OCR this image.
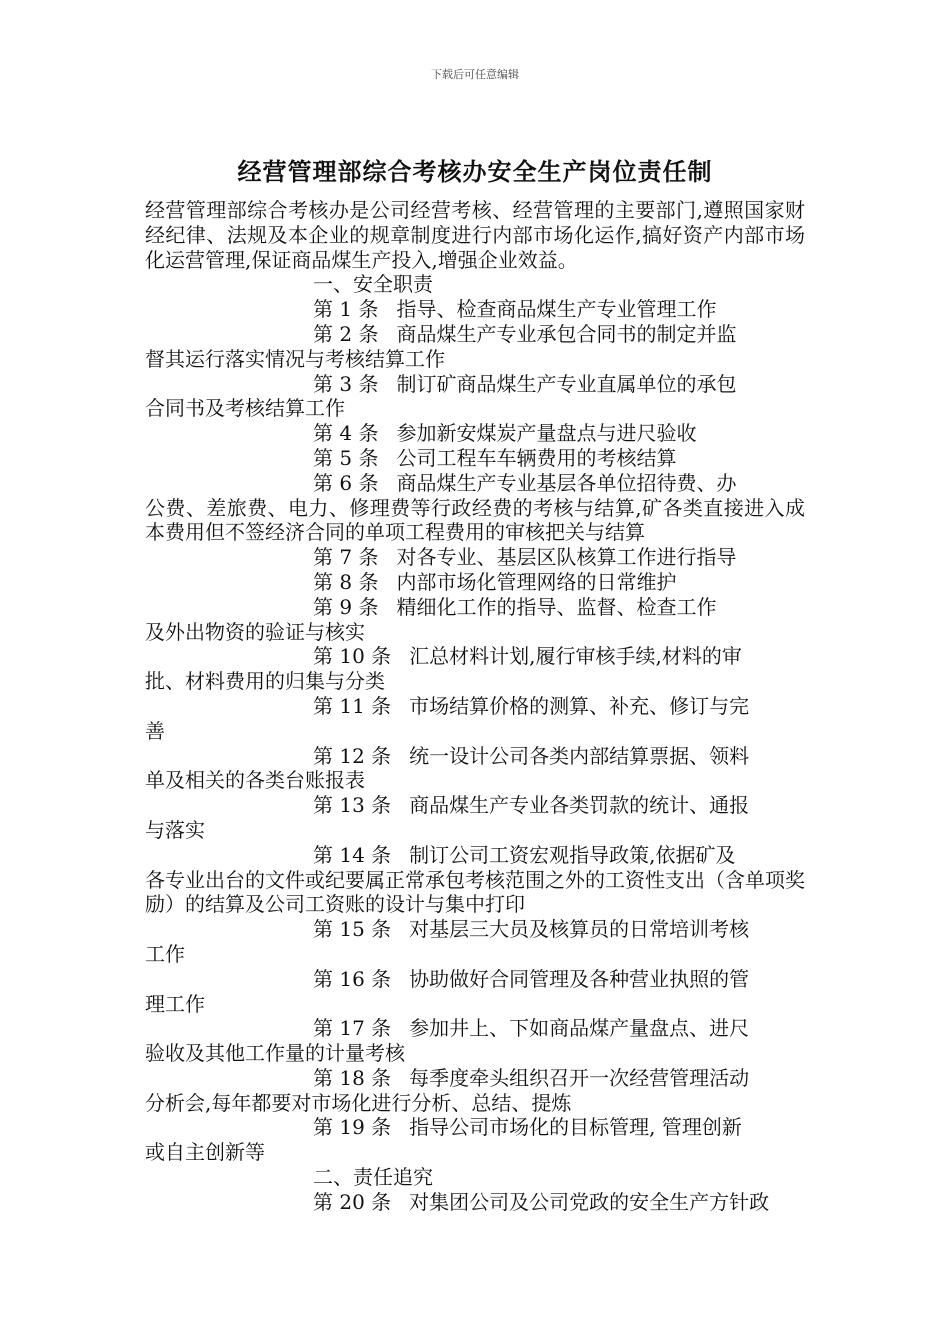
下载后可任意编辑
经营管理部综合考核办安全生产岗位责任制

经营管理部综合考核办是公司经营考核、经营管理的主要部门,遵照国家财经纪律、法规及本企业的规章制度进行内部市场化运作,搞好资产内部市场化运营管理,保证商品煤生产投入,增强企业效益。

一、安全职责

第 1 条 指导、检查商品煤生产专业管理工作

第 2 条 商品煤生产专业承包合同书的制定并监

督其运行落实情况与考核结算工作

第 3 条 制订矿商品煤生产专业直属单位的承包

合同书及考核结算工作

第 4 条 参加新安煤炭产量盘点与进尺验收

第 5 条 公司工程车车辆费用的考核结算

第 6 条 商品煤生产专业基层各单位招待费、办

公费、差旅费、电力、修理费等行政经费的考核与结算,矿各类直接进入成本费用但不签经济合同的单项工程费用的审核把关与结算

第 7 条 对各专业、基层区队核算工作进行指导

第 8 条 内部市场化管理网络的日常维护

第 9 条 精细化工作的指导、监督、检查工作

及外出物资的验证与核实

第 10 条 汇总材料计划,履行审核手续,材料的审

批、材料费用的归集与分类

第 11 条 市场结算价格的测算、补充、修订与完

善

第 12 条 统一设计公司各类内部结算票据、领料

单及相关的各类台账报表

第 13 条 商品煤生产专业各类罚款的统计、通报

与落实

第 14 条 制订公司工资宏观指导政策,依据矿及

各专业出台的文件或纪要属正常承包考核范围之外的工资性支出（含单项奖励）的结算及公司工资账的设计与集中打印

第 15 条 对基层三大员及核算员的日常培训考核

工作

第 16 条 协助做好合同管理及各种营业执照的管

理工作

第 17 条 参加井上、下如商品煤产量盘点、进尺

验收及其他工作量的计量考核

第 18 条 每季度牵头组织召开一次经营管理活动

分析会,每年都要对市场化进行分析、总结、提炼

第 19 条 指导公司市场化的目标管理, 管理创新

或自主创新等

二、责任追究

第 20 条 对集团公司及公司党政的安全生产方针政
